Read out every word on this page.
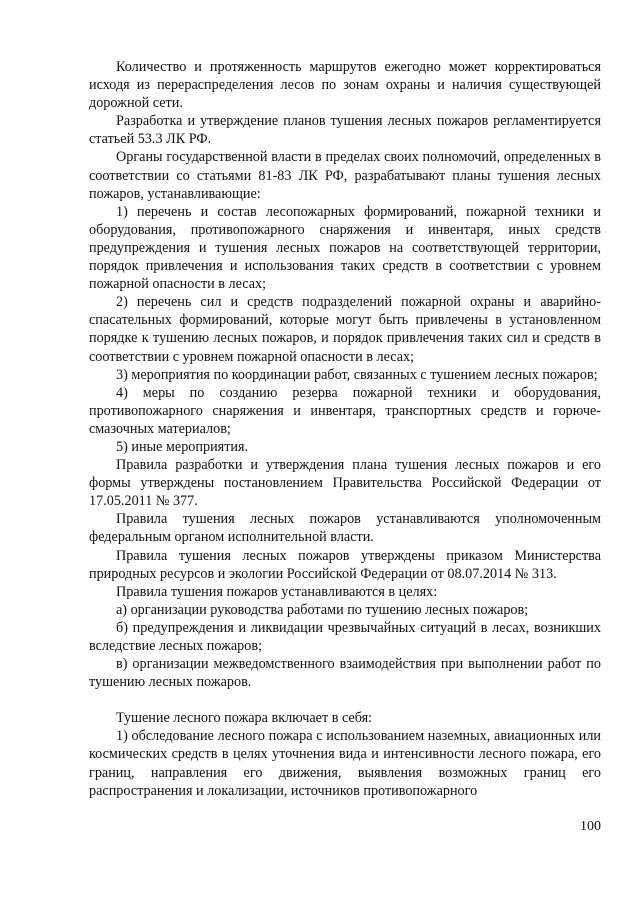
Количество и протяженность маршрутов ежегодно может корректироваться исходя из перераспределения лесов по зонам охраны и наличия существующей дорожной сети.

Разработка и утверждение планов тушения лесных пожаров регламентируется статьей 53.3 ЛК РФ.

Органы государственной власти в пределах своих полномочий, определенных в соответствии со статьями 81-83 ЛК РФ, разрабатывают планы тушения лесных пожаров, устанавливающие:

1) перечень и состав лесопожарных формирований, пожарной техники и оборудования, противопожарного снаряжения и инвентаря, иных средств предупреждения и тушения лесных пожаров на соответствующей территории, порядок привлечения и использования таких средств в соответствии с уровнем пожарной опасности в лесах;

2) перечень сил и средств подразделений пожарной охраны и аварийно-спасательных формирований, которые могут быть привлечены в установленном порядке к тушению лесных пожаров, и порядок привлечения таких сил и средств в соответствии с уровнем пожарной опасности в лесах;

3) мероприятия по координации работ, связанных с тушением лесных пожаров;

4) меры по созданию резерва пожарной техники и оборудования, противопожарного снаряжения и инвентаря, транспортных средств и горюче-смазочных материалов;

5) иные мероприятия.

Правила разработки и утверждения плана тушения лесных пожаров и его формы утверждены постановлением Правительства Российской Федерации от 17.05.2011 № 377.

Правила тушения лесных пожаров устанавливаются уполномоченным федеральным органом исполнительной власти.

Правила тушения лесных пожаров утверждены приказом Министерства природных ресурсов и экологии Российской Федерации от 08.07.2014 № 313.

Правила тушения пожаров устанавливаются в целях:

а) организации руководства работами по тушению лесных пожаров;

б) предупреждения и ликвидации чрезвычайных ситуаций в лесах, возникших вследствие лесных пожаров;

в) организации межведомственного взаимодействия при выполнении работ по тушению лесных пожаров.

Тушение лесного пожара включает в себя:

1) обследование лесного пожара с использованием наземных, авиационных или космических средств в целях уточнения вида и интенсивности лесного пожара, его границ, направления его движения, выявления возможных границ его распространения и локализации, источников противопожарного

100
